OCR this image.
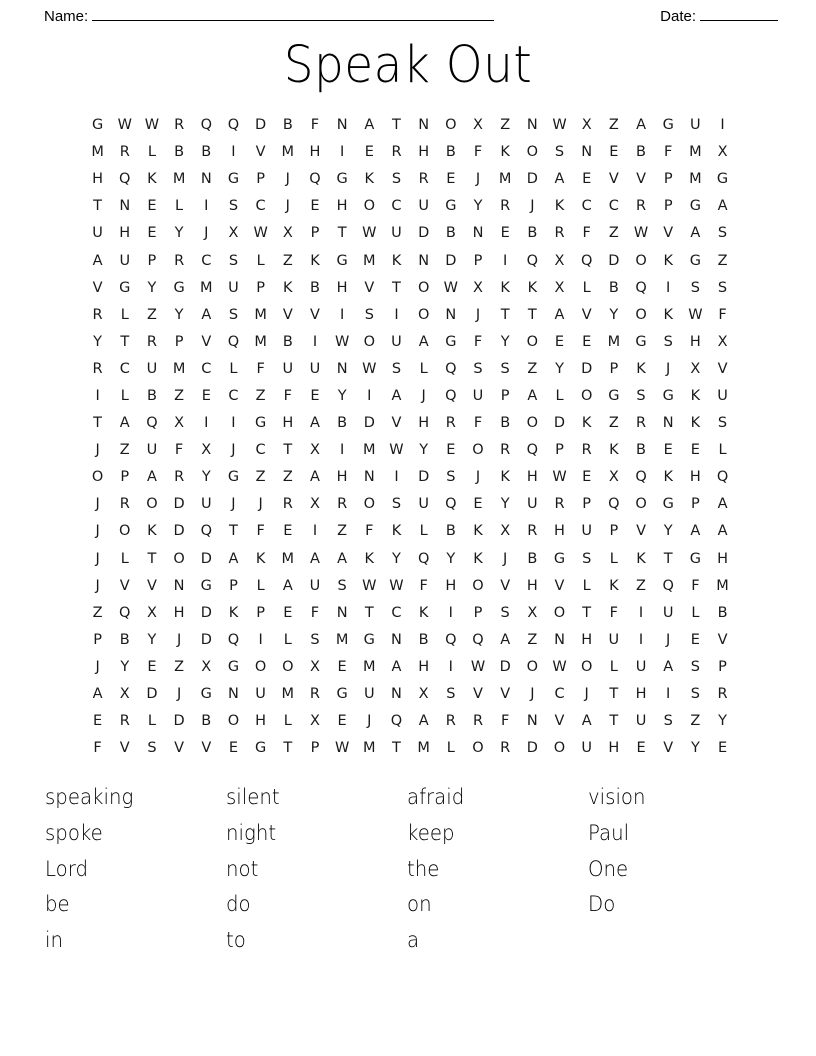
Name:	Date:
Speak Out
G W W	R	Q	Q	D	B	F	N	A	T	N	O	X	Z	N	W	X	Z	A	G	U	I
M	R	L	B	B	I	V	M	H	I	E	R	H	B	F	K	O	S	N	E	B	F	M	X
H	Q	K	M	N	G	P	J	Q	G	K	S	R	E	J	M	D	A	E	V	V	P	M	G
T	N	E	L	I	S	C	J	E	H	O	C	U	G	Y	R	J	K	C	C	R	P	G	A
U	H	E	Y	J	X	W	X	P	T	W	U	D	B	N	E	B	R	F	Z	W	V	A	S
A	U	P	R	C	S	L	Z	K	G	M	K	N	D	P	I	Q	X	Q	D	O	K	G	Z
V	G	Y	G	M	U	P	K	B	H	V	T	O W	X	K	K	X	L	B	Q	I	S	S
R	L	Z	Y	A	S	M	V	V	I	S	I	O	N	J	T	T	A	V	Y	O	K	W	F
Y	T	R	P	V	Q	M	B	I	W O	U	A	G	F	Y	O	E	E	M	G	S	H	X
R	C	U	M	C	L	F	U	U	N	W	S	L	Q	S	S	Z	Y	D	P	K	J	X	V
I	L	B	Z	E	C	Z	F	E	Y	I	A	J	Q	U	P	A	L	O	G	S	G	K	U
T	A	Q	X	I	I	G	H	A	B	D	V	H	R	F	B	O	D	K	Z	R	N	K	S
J	Z	U	F	X	J	C	T	X	I	M W	Y	E	O	R	Q	P	R	K	B	E	E	L
O	P	A	R	Y	G	Z	Z	A	H	N	I	D	S	J	K	H	W	E	X	Q	K	H	Q
J	R	O	D	U	J	J	R	X	R	O	S	U	Q	E	Y	U	R	P	Q	O	G	P	A
J	O	K	D	Q	T	F	E	I	Z	F	K	L	B	K	X	R	H	U	P	V	Y	A	A
J	L	T	O	D	A	K	M	A	A	K	Y	Q	Y	K	J	B	G	S	L	K	T	G	H
J	V	V	N	G	P	L	A	U	S	W W	F	H	O	V	H	V	L	K	Z	Q	F	M
Z	Q	X	H	D	K	P	E	F	N	T	C	K	I	P	S	X	O	T	F	I	U	L	B
P	B	Y	J	D	Q	I	L	S	M	G	N	B	Q	Q	A	Z	N	H	U	I	J	E	V
J	Y	E	Z	X	G	O	O	X	E	M	A	H	I	W D	O W O	L	U	A	S	P
A	X	D	J	G	N	U	M	R	G	U	N	X	S	V	V	J	C	J	T	H	I	S	R
E	R	L	D	B	O	H	L	X	E	J	Q	A	R	R	F	N	V	A	T	U	S	Z	Y
F	V	S	V	V	E	G	T	P	W M	T	M	L	O	R	D	O	U	H	E	V	Y	E
speaking
spoke
Lord
be
in
silent
night
not
do
to
afraid
keep
the
on
a
vision
Paul
One
Do
